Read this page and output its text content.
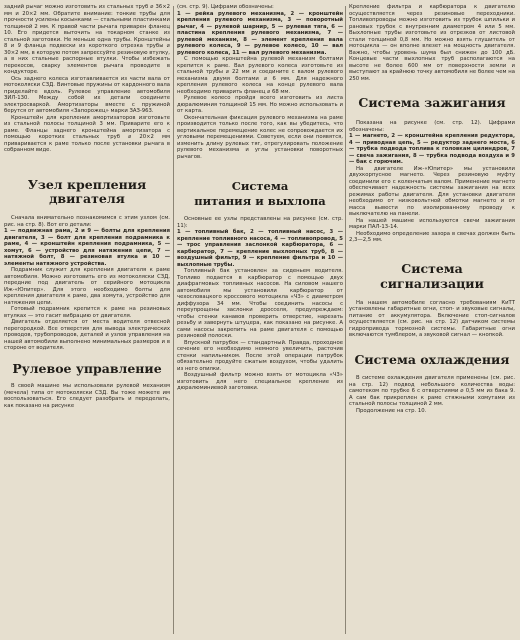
задний рычаг можно изготовить из стальных труб ⌀ 36×2 мм и 20×2 мм. Обратите внимание: тонкие трубы для прочности усилены косынками — стальными пластинками толщиной 2 мм. К правой части рычага приварен фланец 10. Его придется выточить на токарном станке из стальной заготовки. Не меньше одна трубы. Кронштейны 8 и 9 фланца подвески из короткого отрезка трубы ⌀ 30×2 мм, в которую потом запрессуйте резиновую втулку, а в них стальные распорные втулки. Чтобы избежать перекосов, сварку элементов рычага проводите в кондукторе.

Ось заднего колеса изготавливается из части вала от мотоколяски СЗД. Винтовые пружины от кардонного вала приделайте вдоль. Рулевое управление автомобиля ЗИЛ-130. Между собой их детали соедините электросваркой. Амортизаторы вместе с пружиной берутся от автомобиля «Запорожец» марки ЗАЗ-963.

Кронштейн для крепления амортизаторов изготовьте из стальной полосы толщиной 3 мм. Приварите его к раме. Фланцы заднего кронштейна амортизатора с помощью коротких стальных труб ⌀ 20×2 мм приваривается к раме только после установки рычага в собранном виде.

Узел крепления двигателя

Сначала внимательно познакомимся с этим узлом (см. рис. на стр. 8). Вот его детали:

1 — подвижная рама, 2 и 9 — болты для крепления двигателя, 3 — болт для крепления подрамника к раме, 4 — кронштейн крепления подрамника, 5 — хомут, 6 — устройство для натяжения цепи, 7 — натяжной болт, 8 — резиновая втулка и 10 — элементы натяжного устройства.

Подрамник служит для крепления двигателя к раме автомобиля. Можно изготовить его из мотоколяски СЗД, передние под двигатель от серийного мотоцикла Иж-«Юпитер». Для этого необходимо болты для крепления двигателя к раме, два хомута, устройство для натяжения цепи.

Готовый подрамник крепится к раме на резиновых втулках — это гасит вибрацию от двигателя.

Двигатель отделяется от места водителя отвесной перегородкой. Все отверстия для вывода электрических проводов, трубопроводов, деталей и узлов управления на нашей автомобили выполнено минимальных размеров и в стороне от водителя.

Рулевое управление

В своей машине мы использовали рулевой механизм (мечела) типа от мотоколяски СЗД. Вы тоже можете им воспользоваться. Его следует разобрать и переделать, как показано на рисунке

(см. стр. 9). Цифрами обозначены:

1 — рейка рулевого механизма, 2 — кронштейн крепления рулевого механизма, 3 — поворотный рычаг, 4 — рулевой шарнир, 5 — рулевая тяга, 6 — пластина крепления рулевого механизма, 7 — рулевой механизм, 8 — элемент крепления вала рулевого колеса, 9 — рулевое колесо, 10 — вал рулевого колеса, 11 — вал рулевого механизма.

С помощью кронштейна рулевой механизм болтами крепится к раме. Вал рулевого колеса изготовьте из стальной трубы ⌀ 22 мм и соедините с валом рулевого механизма двумя болтами ⌀ 6 мм. Для надежного крепления рулевого колеса на конце рулевого вала необходимо приварить фланец ⌀ 68 мм.

Рулевое колесо пройдя всего изготовить из листа дюралюминия толщиной 15 мм. Но можно использовать и от карта.

Окончательная фиксация рулевого механизма на раме производится только после того, как вы убедитесь, что вертикальное перемещение колес не сопровождается их угловыми перемещениями. Советуем, если они появятся, изменить длину рулевых тяг, отрегулировать положение рулевого механизма и углы установки поворотных рычагов.

Система
питания и выхлопа

Основные ее узлы представлены на рисунке (см. стр. 11):

1 — топливный бак, 2 — топливный насос, 3 — крепление топливного насоса, 4 — топливопровод, 5 — трос управления заслонкой карбюратора, 6 — карбюратор, 7 — крепление выхлопных труб, 8 — воздушный фильтр, 9 — крепление фильтра и 10 — выхлопные трубы.

Топливный бак установлен за сиденьем водителя. Топливо подается в карбюратор с помощью двух диафрагмовых топливных насосов. На силовом нашего автомобиля мы установили карбюратор от чехословацкого кроссового мотоцикла «Ч3» с диаметром диффузора 34 мм. Чтобы соединить насосы с переупрощены заслонки дросселя, предупреждаем: чтобы стенки канавов проверить отверстие, нарезать резьбу и завернуть штуцера, как показано на рисунке. А сами насосы закрепить на раме двигателя с помощью резиновой полоски.

Впускной патрубок — стандартный. Правда, проходное сечение его необходимо немного увеличить, расточив стенки напильником. После этой операции патрубок обязательно продуйте сжатым воздухом, чтобы удалить из него опилки.

Воздушный фильтр можно взять от мотоцикла «Ч3» изготовить для него специальное крепление из дюралюминиевой заготовки.

Крепление фильтра и карбюратора к двигателю осуществляется через резиновые переходники. Топливопроводы можно изготовить из трубок шпильки и рановых трубок с внутренним диаметром 4 или 5 мм. Выхлопные трубы изготовьте из отрезков от листовой стали толщиной 0,8 мм. Но можно взять глушитель от мотоцикла — он вполне влезет на мощность двигателя. Важно, чтобы уровень шума был снижен до 100 дБ. Концевые части выхлопных труб располагаются на высоте не более 600 мм от поверхности земли и выступают за крайнюю точку автомобиля не более чем на 250 мм.

Система зажигания

Показана на рисунке (см. стр. 12). Цифрами обозначены:

1 — магнето, 2 — кронштейна крепления редуктора, 4 — приводная цепь, 5 — редуктор заднего моста, 6 — трубка подвода топлива к головкам цилиндров, 7 — свеча зажигания, 8 — трубка подвода воздуха и 9 — бак с горючим.

На двигателе Иж-«Юпитер» мы установили двухкорпусное магнето. Через резиновую муфту соединили его с коленчатым валом. Применение магнето обеспечивает надежность системы зажигания на всех режимах работы двигателя. Для установки двигателя необходимо от низковольтной обмотки магнето и от масса вывести по изолированному проводу к выключателю на панели.

На нашей машине используются свечи зажигания марки ПАЛ-13-14.

Необходимо определение зазора в свечах должен быть 2,3—2,5 мм.

Система
сигнализации

На нашем автомобиле согласно требованиям КиТТ установлены габаритные огни, стоп- и звуковые сигналы, питание от аккумулятора. Включение стоп-сигналов осуществляется (см. рис. на стр. 12) датчиком системы гидропривода тормозной системы. Габаритные огни включаются тумблером, а звуковой сигнал — кнопкой.

Система охлаждения

В системе охлаждения двигателя применены (см. рис. на стр. 12) подвод небольшого количества воды: самотеком по трубке 6 с отверстиями ⌀ 0,5 мм из бака 9. А сам бак прикреплен к раме стяжными хомутами из стальной полосы толщиной 2 мм.

Продолжение на стр. 10.
